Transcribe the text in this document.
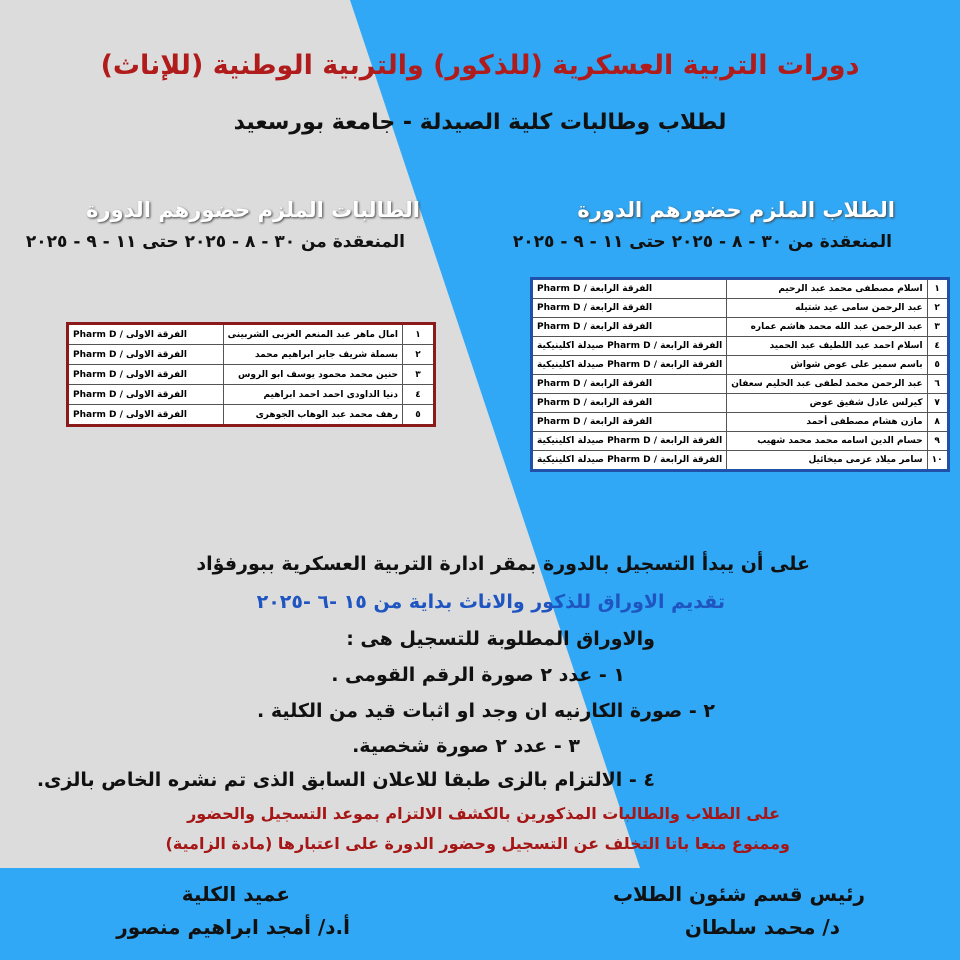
دورات التربية العسكرية (للذكور) والتربية الوطنية (للإناث)
لطلاب وطالبات كلية الصيدلة - جامعة بورسعيد
الطلاب الملزم حضورهم الدورة
المنعقدة من ٣٠ - ٨ - ٢٠٢٥ حتى ١١ - ٩ - ٢٠٢٥
الطالبات الملزم حضورهم الدورة
المنعقدة من ٣٠ - ٨ - ٢٠٢٥ حتى ١١ - ٩ - ٢٠٢٥
١	اسلام مصطفى محمد عبد الرحيم	الفرقة الرابعة / Pharm D
٢	عبد الرحمن سامى عيد شتيله	الفرقة الرابعة / Pharm D
٣	عبد الرحمن عبد الله محمد هاشم عماره	الفرقة الرابعة / Pharm D
٤	اسلام احمد عبد اللطيف عبد الحميد	الفرقة الرابعة / Pharm D صيدلة اكلينيكية
٥	باسم سمير على عوض شواش	الفرقة الرابعة / Pharm D صيدلة اكلينيكية
٦	عبد الرحمن محمد لطفى عبد الحليم سعفان	الفرقة الرابعة / Pharm D
٧	كيرلس عادل شفيق عوض	الفرقة الرابعة / Pharm D
٨	مازن هشام مصطفى أحمد	الفرقة الرابعة / Pharm D
٩	حسام الدين اسامه محمد محمد شهيب	الفرقة الرابعة / Pharm D صيدلة اكلينيكية
١٠	سامر ميلاد عزمى ميخائيل	الفرقة الرابعة / Pharm D صيدلة اكلينيكية
١	امال ماهر عبد المنعم العزبى الشربينى	الفرقة الاولى / Pharm D
٢	بسملة شريف جابر ابراهيم محمد	الفرقة الاولى / Pharm D
٣	حنين محمد محمود يوسف ابو الروس	الفرقة الاولى / Pharm D
٤	دنيا الداودى احمد احمد ابراهيم	الفرقة الاولى / Pharm D
٥	رهف محمد عبد الوهاب الجوهرى	الفرقة الاولى / Pharm D
على أن يبدأ التسجيل بالدورة بمقر ادارة التربية العسكرية ببورفؤاد
تقديم الاوراق للذكور والاناث بداية من ١٥ -٦ -٢٠٢٥
والاوراق المطلوبة للتسجيل هى :
١ - عدد ٢ صورة الرقم القومى .
٢ - صورة الكارنيه ان وجد او اثبات قيد من الكلية .
٣ - عدد ٢ صورة شخصية.
٤ - الالتزام بالزى طبقا للاعلان السابق الذى تم نشره الخاص بالزى.
على الطلاب والطالبات المذكورين بالكشف الالتزام بموعد التسجيل والحضور
وممنوع منعا باتا التخلف عن التسجيل وحضور الدورة على اعتبارها (مادة الزامية)
رئيس قسم شئون الطلاب
د/ محمد سلطان
عميد الكلية
أ.د/ أمجد ابراهيم منصور
